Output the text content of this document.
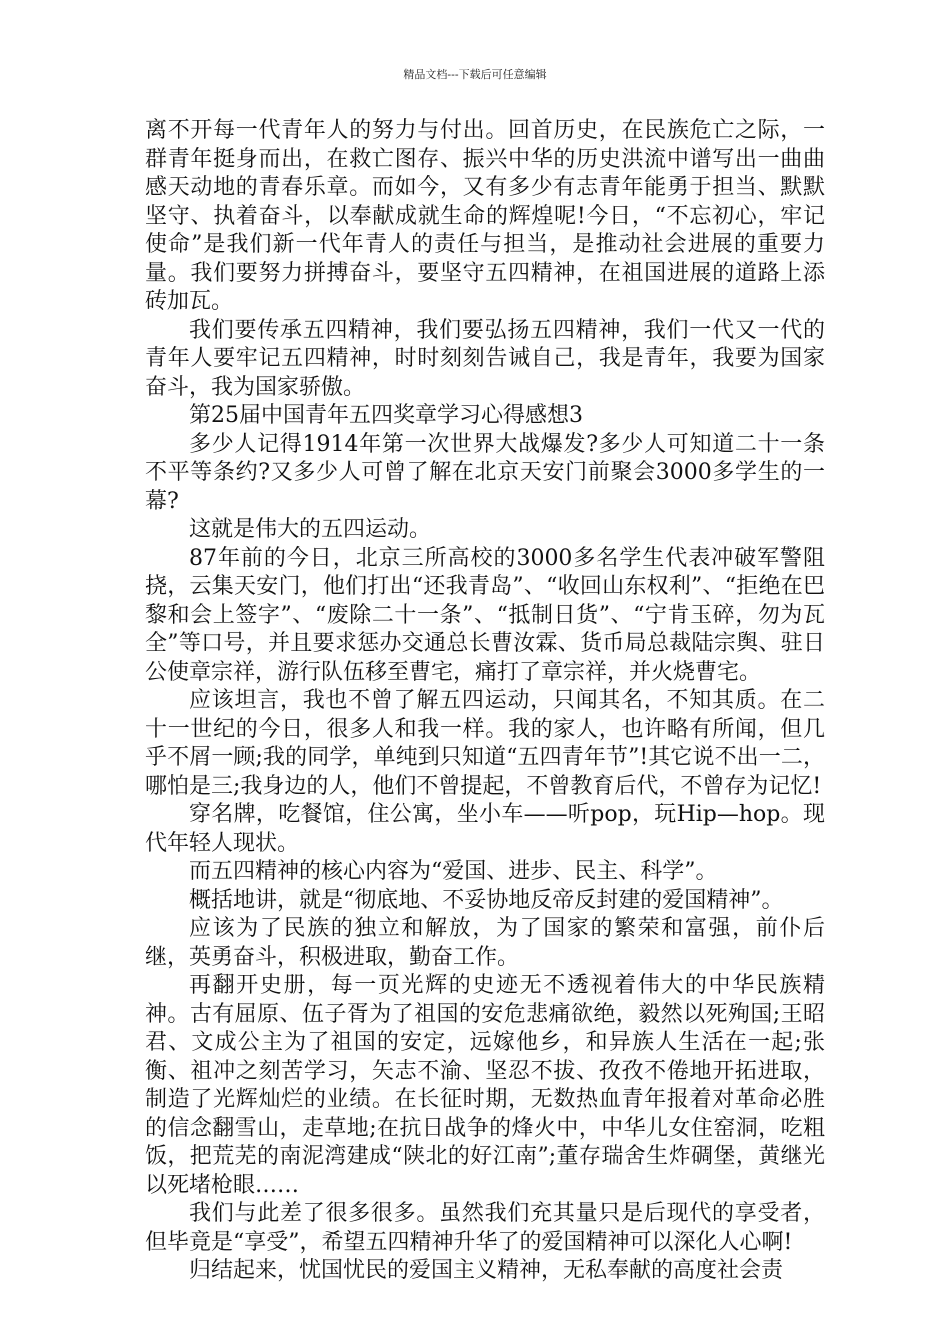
精品文档---下载后可任意编辑

离不开每一代青年人的努力与付出。回首历史，在民族危亡之际，一群青年挺身而出，在救亡图存、振兴中华的历史洪流中谱写出一曲曲感天动地的青春乐章。而如今，又有多少有志青年能勇于担当、默默坚守、执着奋斗，以奉献成就生命的辉煌呢!今日，“不忘初心，牢记使命”是我们新一代年青人的责任与担当，是推动社会进展的重要力量。我们要努力拼搏奋斗，要坚守五四精神，在祖国进展的道路上添砖加瓦。

我们要传承五四精神，我们要弘扬五四精神，我们一代又一代的青年人要牢记五四精神，时时刻刻告诫自己，我是青年，我要为国家奋斗，我为国家骄傲。

第25届中国青年五四奖章学习心得感想3

多少人记得1914年第一次世界大战爆发?多少人可知道二十一条不平等条约?又多少人可曾了解在北京天安门前聚会3000多学生的一幕?

这就是伟大的五四运动。

87年前的今日，北京三所高校的3000多名学生代表冲破军警阻挠，云集天安门，他们打出“还我青岛”、“收回山东权利”、“拒绝在巴黎和会上签字”、“废除二十一条”、“抵制日货”、“宁肯玉碎，勿为瓦全”等口号，并且要求惩办交通总长曹汝霖、货币局总裁陆宗舆、驻日公使章宗祥，游行队伍移至曹宅，痛打了章宗祥，并火烧曹宅。

应该坦言，我也不曾了解五四运动，只闻其名，不知其质。在二十一世纪的今日，很多人和我一样。我的家人，也许略有所闻，但几乎不屑一顾;我的同学，单纯到只知道“五四青年节”!其它说不出一二，哪怕是三;我身边的人，他们不曾提起，不曾教育后代，不曾存为记忆!

穿名牌，吃餐馆，住公寓，坐小车——听pop，玩Hip—hop。现代年轻人现状。

而五四精神的核心内容为“爱国、进步、民主、科学”。

概括地讲，就是“彻底地、不妥协地反帝反封建的爱国精神”。

应该为了民族的独立和解放，为了国家的繁荣和富强，前仆后继，英勇奋斗，积极进取，勤奋工作。

再翻开史册，每一页光辉的史迹无不透视着伟大的中华民族精神。古有屈原、伍子胥为了祖国的安危悲痛欲绝，毅然以死殉国;王昭君、文成公主为了祖国的安定，远嫁他乡，和异族人生活在一起;张衡、祖冲之刻苦学习，矢志不渝、坚忍不拔、孜孜不倦地开拓进取，制造了光辉灿烂的业绩。在长征时期，无数热血青年报着对革命必胜的信念翻雪山，走草地;在抗日战争的烽火中，中华儿女住窑洞，吃粗饭，把荒芜的南泥湾建成“陕北的好江南”;董存瑞舍生炸碉堡，黄继光以死堵枪眼……

我们与此差了很多很多。虽然我们充其量只是后现代的享受者，但毕竟是“享受”，希望五四精神升华了的爱国精神可以深化人心啊!

归结起来，忧国忧民的爱国主义精神，无私奉献的高度社会责
